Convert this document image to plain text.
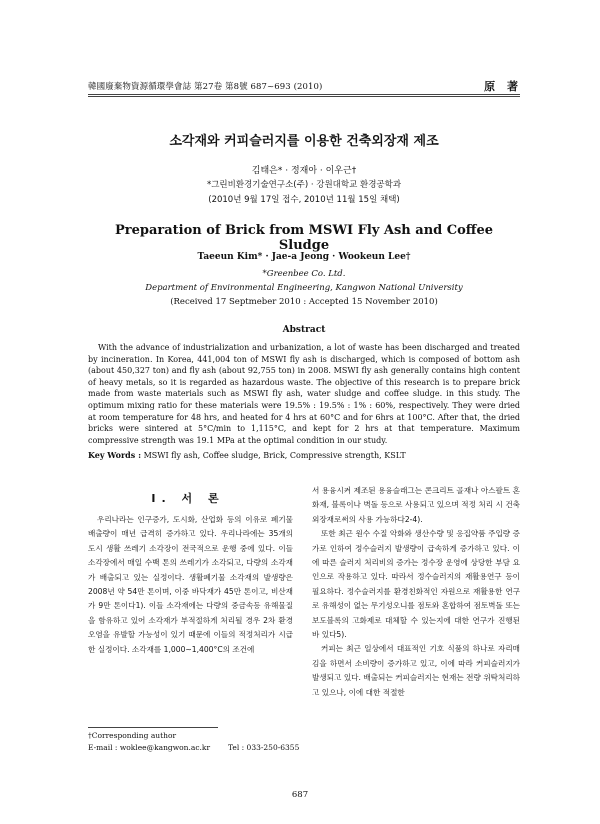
韓國廢棄物資源循環學會誌 第27卷 第8號 687~693 (2010)	原 著
소각재와 커피슬러지를 이용한 건축외장재 제조
김태은* · 정재아 · 이우근†
*그린비환경기술연구소(주) · 강원대학교 환경공학과
(2010년 9월 17일 접수, 2010년 11월 15일 채택)
Preparation of Brick from MSWI Fly Ash and Coffee Sludge
Taeeun Kim* · Jae-a Jeong · Wookeun Lee†
*Greenbee Co. Ltd.
Department of Environmental Engineering, Kangwon National University
(Received 17 Septmeber 2010 : Accepted 15 November 2010)
Abstract
With the advance of industrialization and urbanization, a lot of waste has been discharged and treated by incineration. In Korea, 441,004 ton of MSWI fly ash is discharged, which is composed of bottom ash (about 450,327 ton) and fly ash (about 92,755 ton) in 2008. MSWI fly ash generally contains high content of heavy metals, so it is regarded as hazardous waste. The objective of this research is to prepare brick made from waste materials such as MSWI fly ash, water sludge and coffee sludge. in this study. The optimum mixing ratio for these materials were 19.5% : 19.5% : 1% : 60%, respectively. They were dried at room temperature for 48 hrs, and heated for 4 hrs at 60°C and for 6hrs at 100°C. After that, the dried bricks were sintered at 5°C/min to 1,115°C, and kept for 2 hrs at that temperature. Maximum compressive strength was 19.1 MPa at the optimal condition in our study.
Key Words : MSWI fly ash, Coffee sludge, Brick, Compressive strength, KSLT
I. 서 론
우리나라는 인구증가, 도시화, 산업화 등의 이유로 폐기물 배출량이 매년 급격히 증가하고 있다. 우리나라에는 35개의 도시 생활 쓰레기 소각장이 전국적으로 운행 중에 있다. 이들 소각장에서 매일 수백 톤의 쓰레기가 소각되고, 다량의 소각재가 배출되고 있는 실정이다. 생활폐기물 소각재의 발생량은 2008년 약 54만 톤이며, 이중 바닥재가 45만 톤이고, 비산재가 9만 톤이다1). 이들 소각재에는 다량의 중금속등 유해물질을 함유하고 있어 소각재가 부적절하게 처리될 경우 2차 환경오염을 유발할 가능성이 있기 때문에 이들의 적정처리가 시급한 실정이다. 소각재를 1,000~1,400°C의 조건에

서 용융시켜 제조된 용융슬래그는 콘크리트 골재나 아스팔트 혼화재, 블록이나 벽돌 등으로 사용되고 있으며 적정 처리 시 건축외장재로써의 사용 가능하다2-4).

또한 최근 원수 수질 악화와 생산수량 및 응집약품 주입량 증가로 인하여 정수슬러지 발생량이 급속하게 증가하고 있다. 이에 따른 슬러지 처리비의 증가는 정수장 운영에 상당한 부담 요인으로 작용하고 있다. 따라서 정수슬러지의 재활용연구 등이 필요하다. 정수슬러지를 환경친화적인 자원으로 재활용한 연구로 유해성이 없는 무기성오니를 점토와 혼합하여 점토벽돌 또는 보도블록의 고화제로 대체할 수 있는지에 대한 연구가 진행된 바 있다5).

커피는 최근 일상에서 대표적인 기호 식품의 하나로 자리매김을 하면서 소비량이 증가하고 있고, 이에 따라 커피슬러지가 발생되고 있다. 배출되는 커피슬러지는 현재는 전량 위탁처리하고 있으나, 이에 대한 적절한

†Corresponding author
E-mail : woklee@kangwon.ac.kr Tel : 033-250-6355
687
